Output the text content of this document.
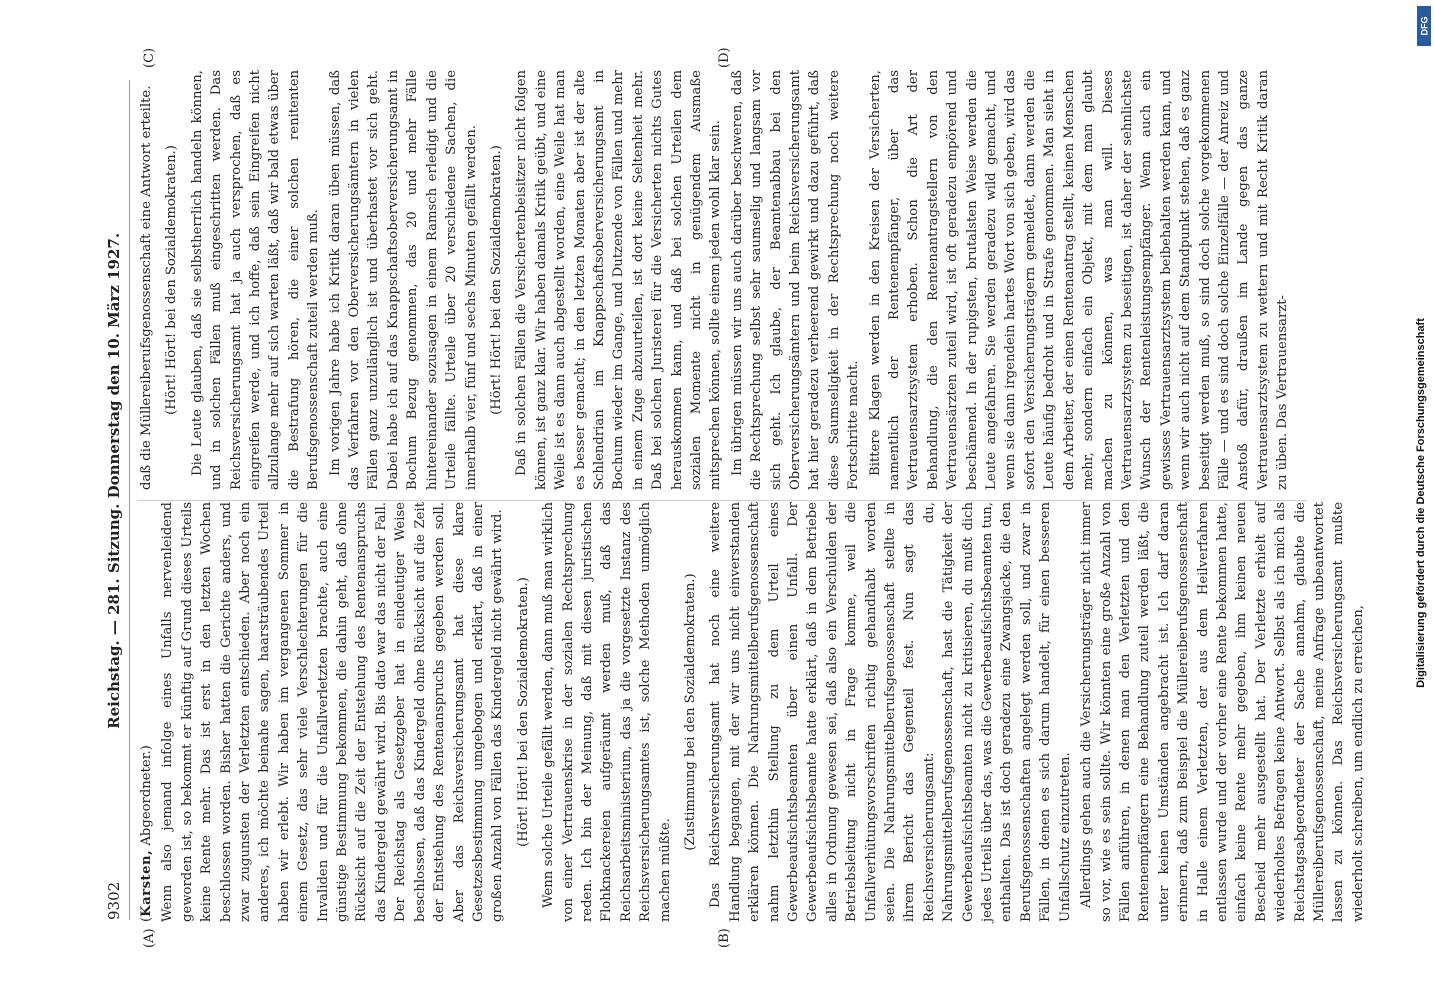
9302
Reichstag. — 281. Sitzung. Donnerstag den 10. März 1927.
(A)	(B)
(C)	(D)

(Karsten, Abgeordneter.) Wenn also jemand infolge eines Unfalls nervenleidend geworden ist, so bekommt er künftig auf Grund dieses Urteils keine Rente mehr. Das ist erst in den letzten Wochen beschlossen worden. Bisher hatten die Gerichte anders, und zwar zugunsten der Verletzten entschieden. Aber noch ein anderes, ich möchte beinahe sagen, haarsträubendes Urteil haben wir erlebt. Wir haben im vergangenen Sommer in einem Gesetz, das sehr viele Verschlechterungen für die Invaliden und für die Unfallverletzten brachte, auch eine günstige Bestimmung bekommen, die dahin geht, daß ohne Rücksicht auf die Zeit der Entstehung des Rentenanspruchs das Kindergeld gewährt wird. Bis dato war das nicht der Fall. Der Reichstag als Gesetzgeber hat in eindeutiger Weise beschlossen, daß das Kindergeld ohne Rücksicht auf die Zeit der Entstehung des Rentenanspruchs gegeben werden soll. Aber das Reichsversicherungsamt hat diese klare Gesetzesbestimmung umgebogen und erklärt, daß in einer großen Anzahl von Fällen das Kindergeld nicht gewährt wird. (Hört! Hört! bei den Sozialdemokraten.) Wenn solche Urteile gefällt werden, dann muß man wirklich von einer Vertrauenskrise in der sozialen Rechtsprechung reden. Ich bin der Meinung, daß mit diesen juristischen Flohknackereien aufgeräumt werden muß, daß das Reichsarbeitsministerium, das ja die vorgesetzte Instanz des Reichsversicherungsamtes ist, solche Methoden unmöglich machen müßte.

(Zustimmung bei den Sozialdemokraten.) Das Reichsversicherungsamt hat noch eine weitere Handlung begangen, mit der wir uns nicht einverstanden erklären können. Die Nahrungsmittelberufsgenossenschaft nahm letzthin Stellung zu dem Urteil eines Gewerbeaufsichtsbeamten über einen Unfall. Der Gewerbeaufsichtsbeamte hatte erklärt, daß in dem Betriebe alles in Ordnung gewesen sei, daß also ein Verschulden der Betriebsleitung nicht in Frage komme, weil die Unfallverhütungsvorschriften richtig gehandhabt worden seien. Die Nahrungsmittelberufsgenossenschaft stellte in ihrem Bericht das Gegenteil fest. Nun sagt das Reichsversicherungsamt: du, Nahrungsmittelberufsgenossenschaft, hast die Tätigkeit der Gewerbeaufsichtsbeamten nicht zu kritisieren, du mußt dich jedes Urteils über das, was die Gewerbeaufsichtsbeamten tun, enthalten. Das ist doch geradezu eine Zwangsjacke, die den Berufsgenossenschaften angelegt werden soll, und zwar in Fällen, in denen es sich darum handelt, für einen besseren Unfallschutz einzutreten. Allerdings gehen auch die Versicherungsträger nicht immer so vor, wie es sein sollte. Wir könnten eine große Anzahl von Fällen anführen, in denen man den Verletzten und den Rentenempfängern eine Behandlung zuteil werden läßt, die unter keinen Umständen angebracht ist. Ich darf daran erinnern, daß zum Beispiel die Müllereiberufsgenossenschaft in Halle einem Verletzten, der aus dem Heilverfahren entlassen wurde und der vorher eine Rente bekommen hatte, einfach keine Rente mehr gegeben, ihm keinen neuen Bescheid mehr ausgestellt hat. Der Verletzte erhielt auf wiederholtes Befragen keine Antwort. Selbst als ich mich als Reichstagsabgeordneter der Sache annahm, glaubte die Müllereiberufsgenossenschaft, meine Anfrage unbeantwortet lassen zu können. Das Reichsversicherungsamt mußte wiederholt schreiben, um endlich zu erreichen,

daß die Müllereiberufsgenossenschaft eine Antwort erteilte. (Hört! Hört! bei den Sozialdemokraten.) Die Leute glauben, daß sie selbstherrlich handeln können, und in solchen Fällen muß eingeschritten werden. Das Reichsversicherungsamt hat ja auch versprochen, daß es eingreifen werde, und ich hoffe, daß sein Eingreifen nicht allzulange mehr auf sich warten läßt, daß wir bald etwas über die Bestrafung hören, die einer solchen renitenten Berufsgenossenschaft zuteil werden muß. Im vorigen Jahre habe ich Kritik daran üben müssen, daß das Verfahren vor den Oberversicherungsämtern in vielen Fällen ganz unzulänglich ist und überhastet vor sich geht. Dabei habe ich auf das Knappschaftsoberversicherungsamt in Bochum Bezug genommen, das 20 und mehr Fälle hintereinander sozusagen in einem Ramsch erledigt und die Urteile fällte. Urteile über 20 verschiedene Sachen, die innerhalb vier, fünf und sechs Minuten gefällt werden. (Hört! Hört! bei den Sozialdemokraten.) Daß in solchen Fällen die Versichertenbeisitzer nicht folgen können, ist ganz klar. Wir haben damals Kritik geübt, und eine Weile ist es dann auch abgestellt worden, eine Weile hat man es besser gemacht; in den letzten Monaten aber ist der alte Schlendrian im Knappschaftsoberversicherungsamt in Bochum wieder im Gange, und Dutzende von Fällen und mehr in einem Zuge abzuurteilen, ist dort keine Seltenheit mehr. Daß bei solchen Juristerei für die Versicherten nichts Gutes herauskommen kann, und daß bei solchen Urteilen dem sozialen Momente nicht in genügendem Ausmaße mitsprechen können, sollte einem jeden wohl klar sein. Im übrigen müssen wir uns auch darüber beschweren, daß die Rechtsprechung selbst sehr saumselig und langsam vor sich geht. Ich glaube, der Beamtenabbau bei den Oberversicherungsämtern und beim Reichsversicherungsamt hat hier geradezu verheerend gewirkt und dazu geführt, daß diese Saumseligkeit in der Rechtsprechung noch weitere Fortschritte macht. Bittere Klagen werden in den Kreisen der Versicherten, namentlich der Rentenempfänger, über das Vertrauensarztsystem erhoben. Schon die Art der Behandlung, die den Rentenantragstellern von den Vertrauensärzten zuteil wird, ist oft geradezu empörend und beschämend. In der rupigsten, brutalsten Weise werden die Leute angefahren. Sie werden geradezu wild gemacht, und wenn sie dann irgendein hartes Wort von sich geben, wird das sofort den Versicherungsträgern gemeldet, dann werden die Leute häufig bedroht und in Strafe genommen. Man sieht in dem Arbeiter, der einen Rentenantrag stellt, keinen Menschen mehr, sondern einfach ein Objekt, mit dem man glaubt machen zu können, was man will. Dieses Vertrauensarztsystem zu beseitigen, ist daher der sehnlichste Wunsch der Rentenleistungsempfänger. Wenn auch ein gewisses Vertrauensarztsystem beibehalten werden kann, und wenn wir auch nicht auf dem Standpunkt stehen, daß es ganz beseitigt werden muß, so sind doch solche vorgekommenen Fälle — und es sind doch solche Einzelfälle — der Anreiz und Anstoß dafür, draußen im Lande gegen das ganze Vertrauensarztsystem zu wettern und mit Recht Kritik daran zu üben. Das Vertrauensarzt-

DFG
Digitalisierung gefördert durch die Deutsche Forschungsgemeinschaft
